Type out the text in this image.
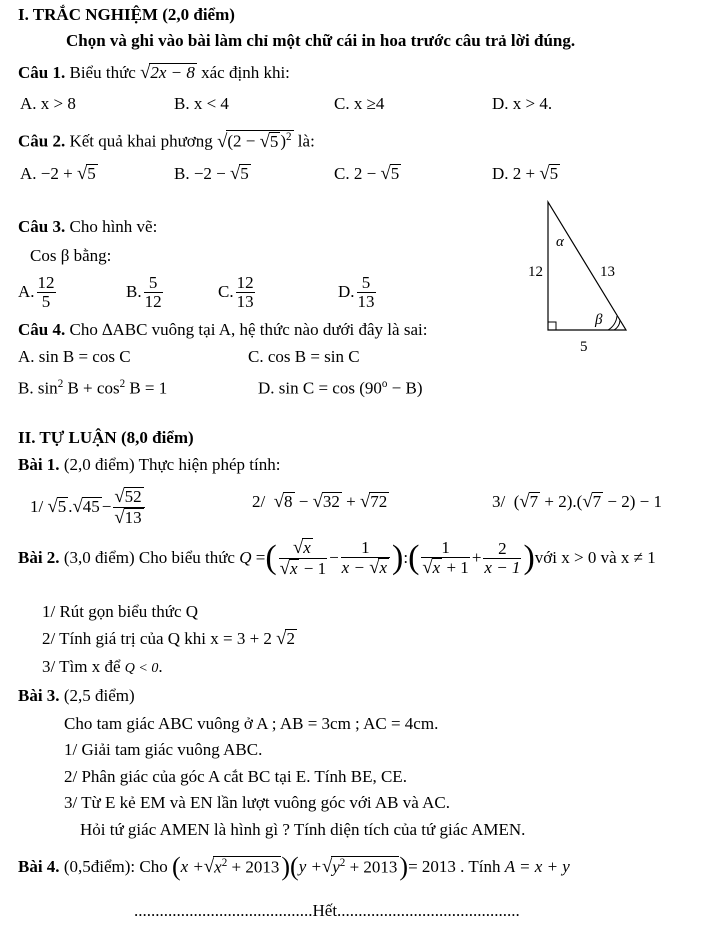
I. TRẮC NGHIỆM (2,0 điểm)
Chọn và ghi vào bài làm chỉ một chữ cái in hoa trước câu trả lời đúng.
Câu 1. Biểu thức √2x − 8 xác định khi:
A. x > 8	B. x < 4	C. x ≥4	D. x > 4.
Câu 2. Kết quả khai phương √(2 − √5 )$^2$ là:
A. −2 + √5	B. −2 − √5	C. 2 − √5	D. 2 + √5
Câu 3. Cho hình vẽ:
Cos β bằng:
A. $\frac{12}{5}$	B. $\frac{5}{12}$	C. $\frac{12}{13}$	D. $\frac{5}{13}$
α
β
12	13
5
Câu 4. Cho ∆ABC vuông tại A, hệ thức nào dưới đây là sai:
A. sin B = cos C	C. cos B = sin C
B. $\sin^2 B + \cos^2 B = 1$	D. $\sin C = \cos (90^o - B)$
II. TỰ LUẬN (8,0 điểm)
Bài 1. (2,0 điểm) Thực hiện phép tính:
1/
√ 5 . √ $45 - \frac{√52}{√13}$	2/ √8 − √32 + √72	3/ (√7 + 2).(√7 − 2) − 1
Bài 2.
(3,0 điểm) Cho biểu thức
Q
= ( $\frac{√x}{√x - 1} - \frac{1}{x - √x}$ ) : ( $\frac{1}{√x + 1} + \frac{2}{x - 1}$ ) với x > 0 và x ≠ 1
1/ Rút gọn biểu thức Q
2/ Tính giá trị của Q khi x = 3 + 2 √2
3/ Tìm x để Q < 0.
Bài 3. (2,5 điểm)
Cho tam giác ABC vuông ở A ; AB = 3cm ; AC = 4cm.
1/ Giải tam giác vuông ABC.
2/ Phân giác của góc A cắt BC tại E. Tính BE, CE.
3/ Từ E kẻ EM và EN lần lượt vuông góc với AB và AC.
Hỏi tứ giác AMEN là hình gì ? Tính diện tích của tứ giác AMEN.
Bài 4.
(0,5điểm): Cho
( x + √ $x^2 + 2013$ ) ( y + √ $y^2 + 2013$ ) = 2013 . Tính
A = x + y
..........................................Hết...........................................
